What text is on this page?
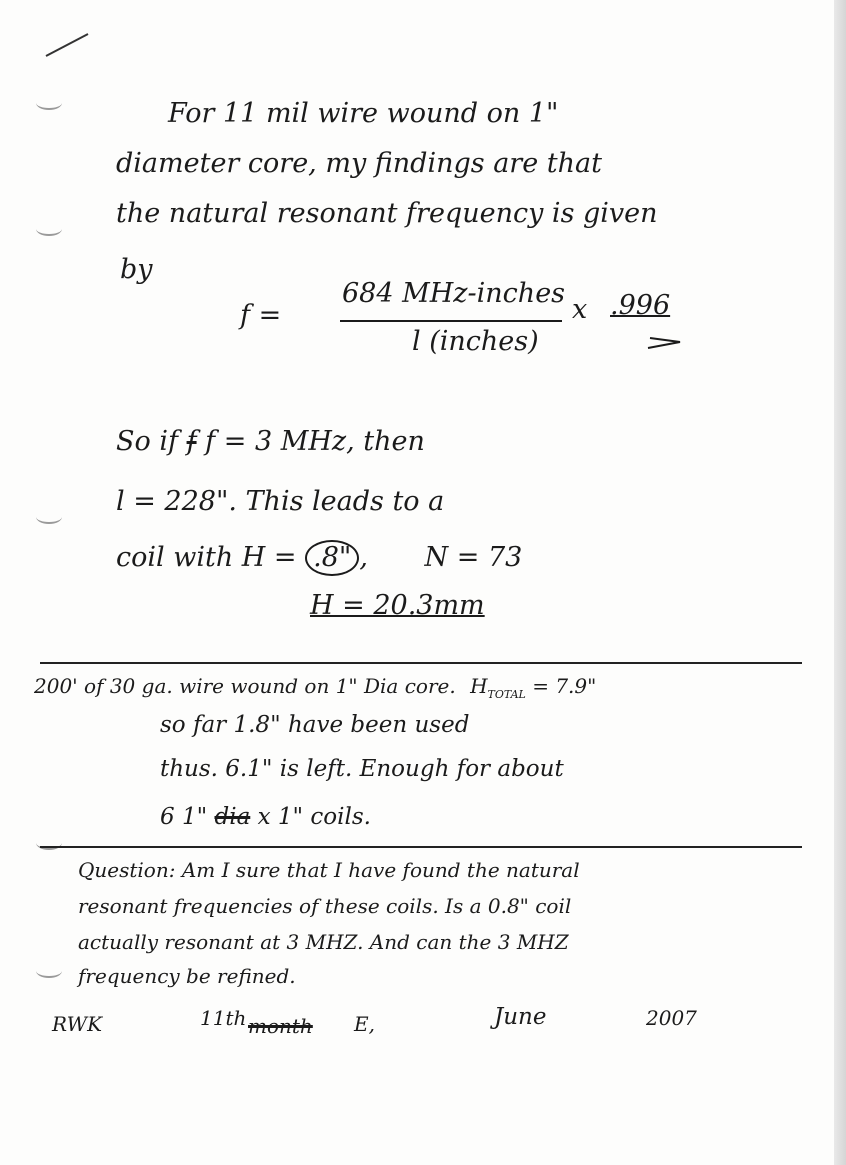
For 11 mil wire wound on 1"
diameter core, my findings are that
the natural resonant frequency is given
by
f =
684 MHz-inches
l (inches)
x .996
So if f f = 3 MHz, then
l = 228". This leads to a
coil with H = .8" , N = 73
H = 20.3mm
200' of 30 ga. wire wound on 1" Dia core. $H_{TOTAL} = 7.9$"
so far 1.8" have been used
thus. 6.1" is left. Enough for about
6 1" dia x 1" coils.
Question: Am I sure that I have found the natural
resonant frequencies of these coils. Is a 0.8" coil
actually resonant at 3 MHZ. And can the 3 MHZ
frequency be refined.
RWK	11th month E,	June	2007
